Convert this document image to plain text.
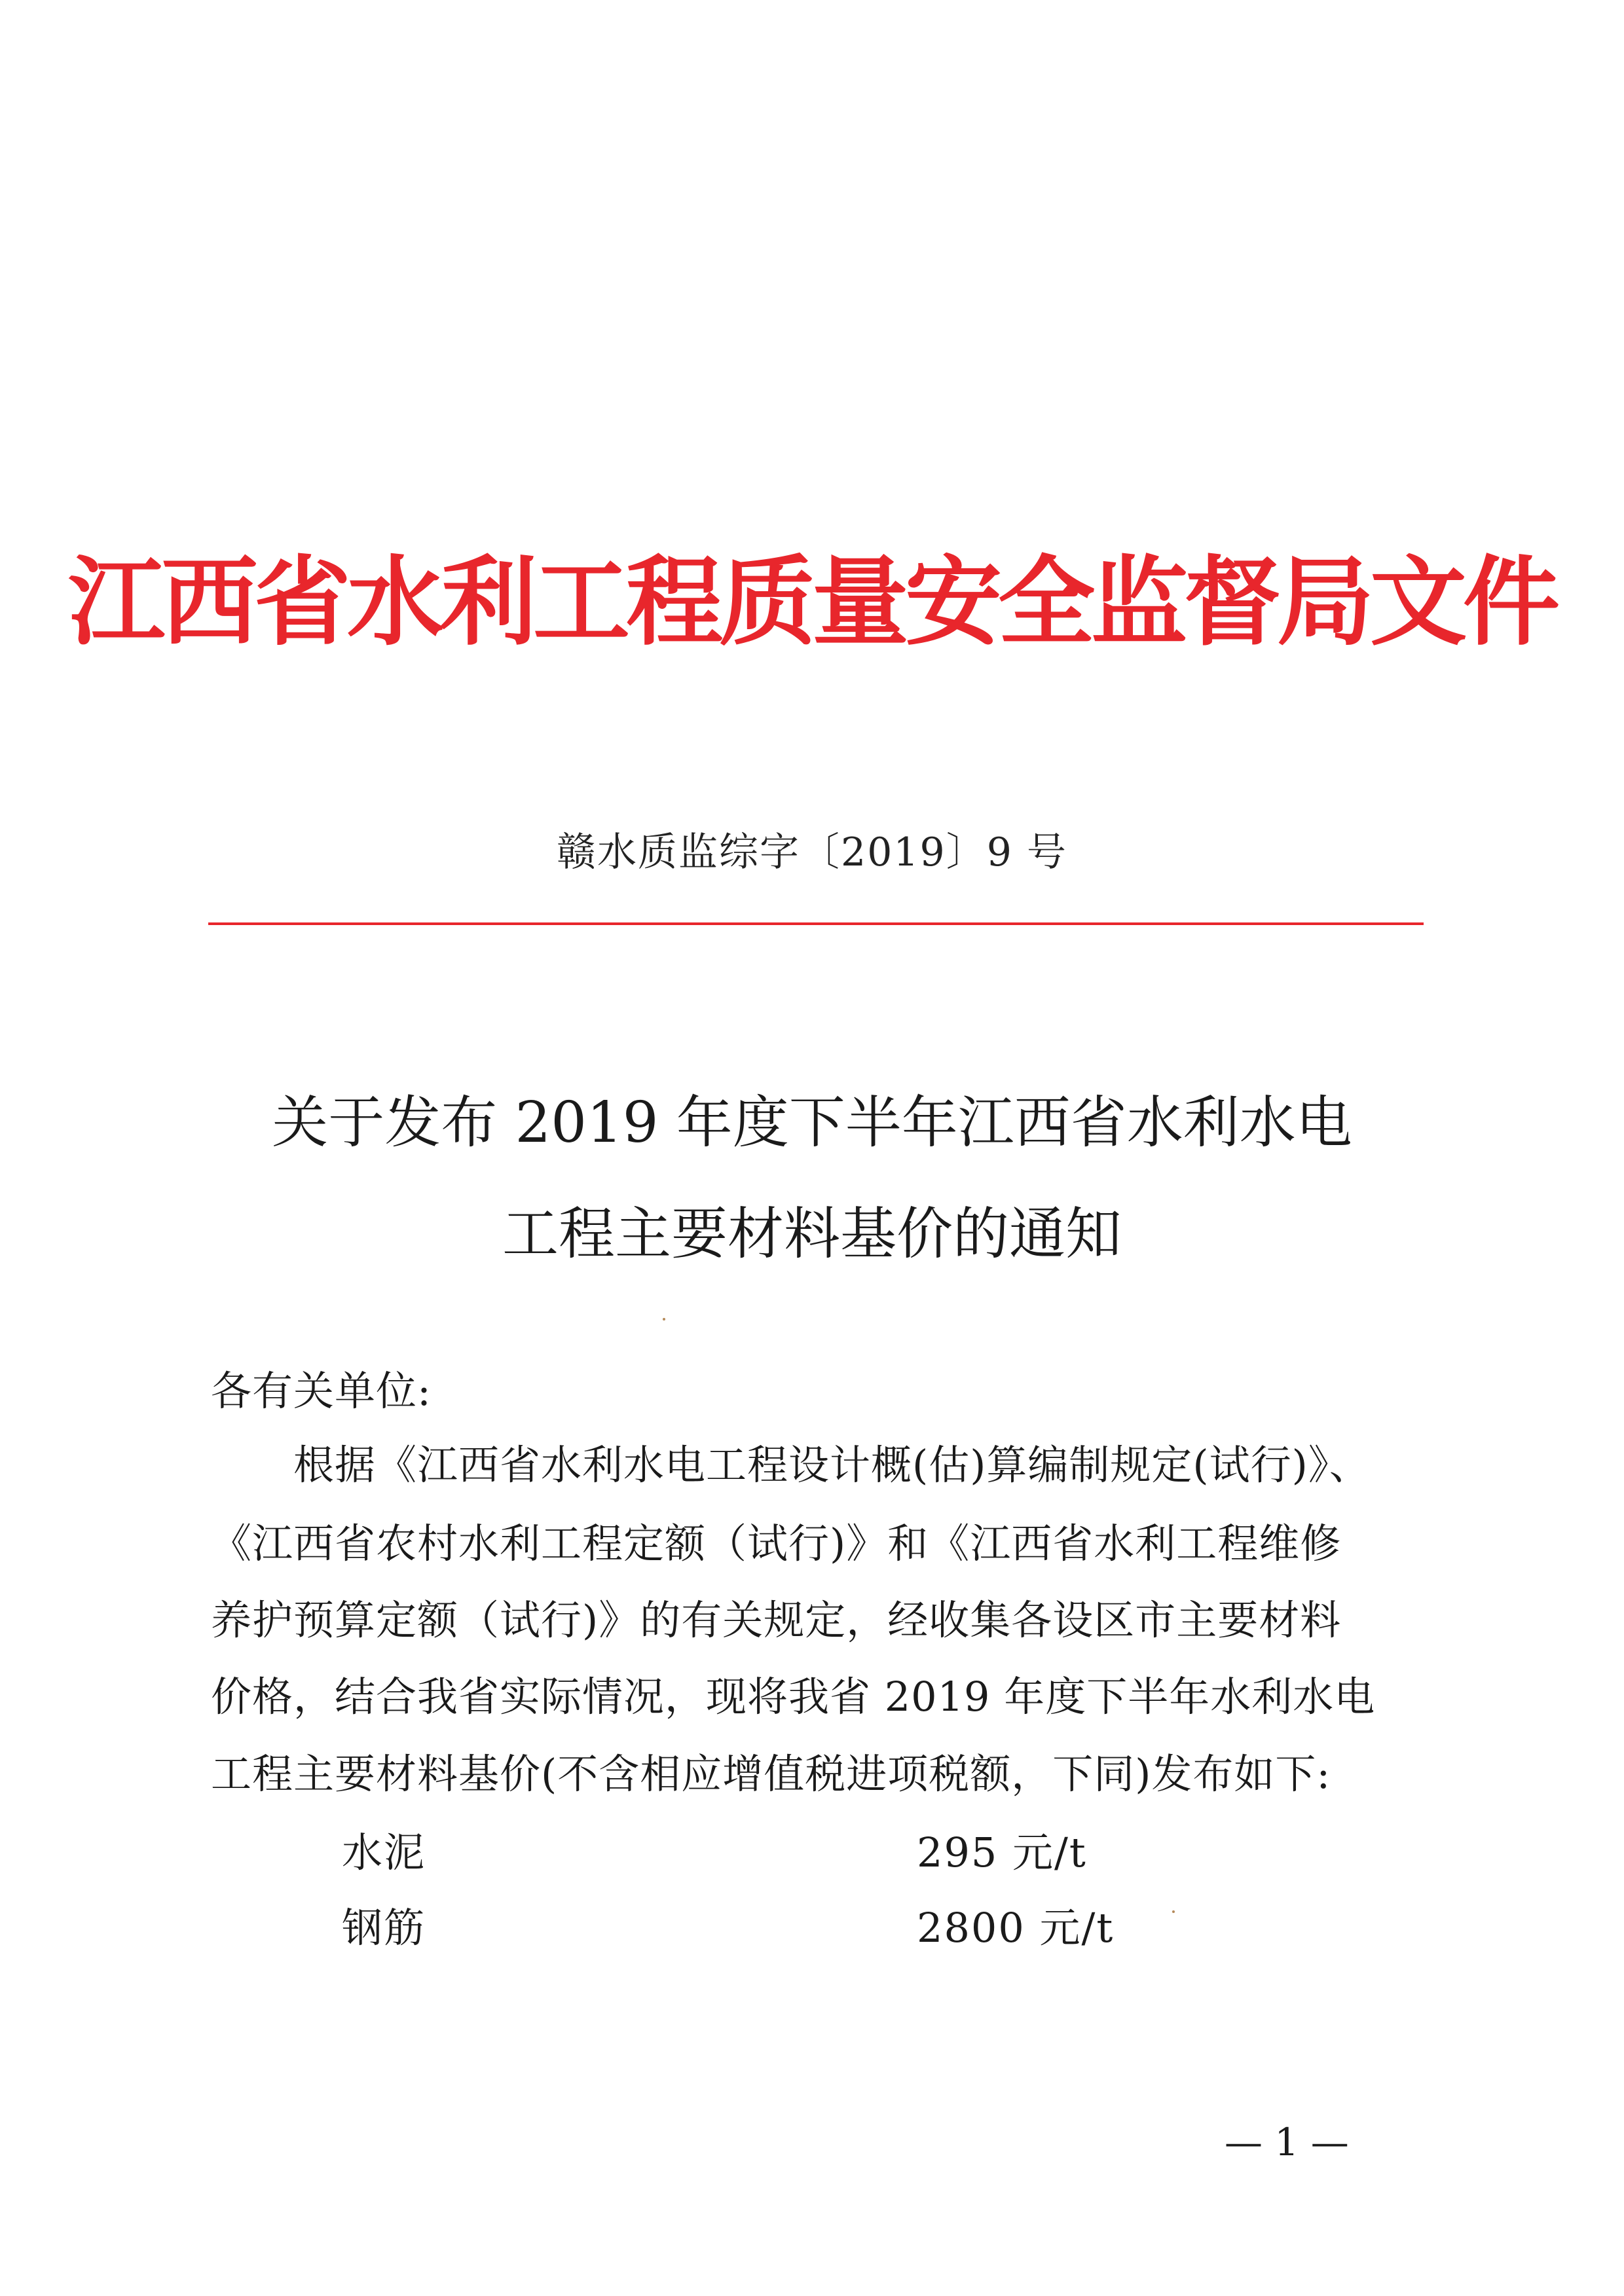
江西省水利工程质量安全监督局文件
赣水质监综字〔2019〕9 号
关于发布 2019 年度下半年江西省水利水电
工程主要材料基价的通知
各有关单位:
　　根据《江西省水利水电工程设计概(估)算编制规定(试行)》、
《江西省农村水利工程定额（试行)》和《江西省水利工程维修
养护预算定额（试行)》的有关规定，经收集各设区市主要材料
价格，结合我省实际情况，现将我省 2019 年度下半年水利水电
工程主要材料基价(不含相应增值税进项税额，下同)发布如下:
水泥	295 元/t
钢筋	2800 元/t
— 1 —
